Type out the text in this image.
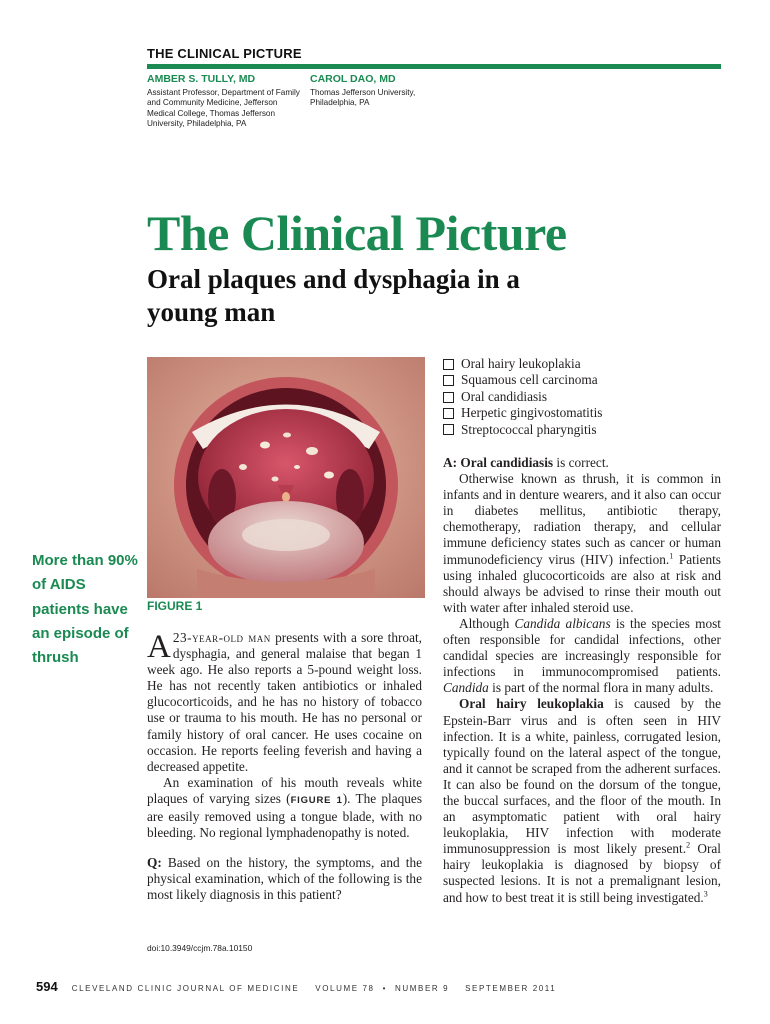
THE CLINICAL PICTURE
AMBER S. TULLY, MD
Assistant Professor, Department of Family and Community Medicine, Jefferson Medical College, Thomas Jefferson University, Philadelphia, PA
CAROL DAO, MD
Thomas Jefferson University, Philadelphia, PA
The Clinical Picture
Oral plaques and dysphagia in a young man
FIGURE 1
More than 90% of AIDS patients have an episode of thrush	A 23-year-old man presents with a sore throat, dysphagia, and general malaise that began 1 week ago. He also reports a 5-pound weight loss. He has not recently taken antibiotics or inhaled glucocorticoids, and he has no history of tobacco use or trauma to his mouth. He has no personal or family history of oral cancer. He uses cocaine on occasion. He reports feeling feverish and having a decreased appetite.

An examination of his mouth reveals white plaques of varying sizes (FIGURE 1). The plaques are easily removed using a tongue blade, with no bleeding. No regional lymphadenopathy is noted.

Q: Based on the history, the symptoms, and the physical examination, which of the following is the most likely diagnosis in this patient?

Oral hairy leukoplakia
Squamous cell carcinoma
Oral candidiasis
Herpetic gingivostomatitis
Streptococcal pharyngitis

A: Oral candidiasis is correct.

Otherwise known as thrush, it is common in infants and in denture wearers, and it also can occur in diabetes mellitus, antibiotic therapy, chemotherapy, radiation therapy, and cellular immune deficiency states such as cancer or human immunodeficiency virus (HIV) infection.$^1$ Patients using inhaled glucocorticoids are also at risk and should always be advised to rinse their mouth out with water after inhaled steroid use.

Although Candida albicans is the species most often responsible for candidal infections, other candidal species are increasingly responsible for infections in immunocompromised patients. Candida is part of the normal flora in many adults.

Oral hairy leukoplakia is caused by the Epstein-Barr virus and is often seen in HIV infection. It is a white, painless, corrugated lesion, typically found on the lateral aspect of the tongue, and it cannot be scraped from the adherent surfaces. It can also be found on the dorsum of the tongue, the buccal surfaces, and the floor of the mouth. In an asymptomatic patient with oral hairy leukoplakia, HIV infection with moderate immunosuppression is most likely present.$^2$ Oral hairy leukoplakia is diagnosed by biopsy of suspected lesions. It is not a premalignant lesion, and how to best treat it is still being investigated.$^3$

doi:10.3949/ccjm.78a.10150
594 CLEVELAND CLINIC JOURNAL OF MEDICINE VOLUME 78 • NUMBER 9 SEPTEMBER 2011
